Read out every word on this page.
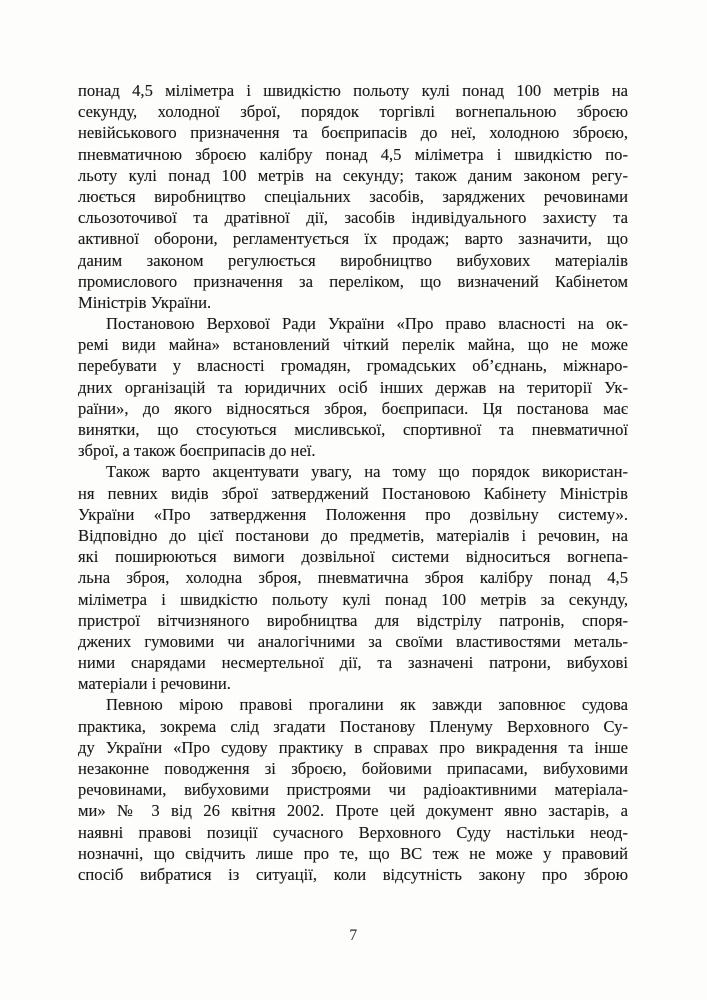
понад 4,5 міліметра і швидкістю польоту кулі понад 100 метрів на
секунду, холодної зброї, порядок торгівлі вогнепальною зброєю
невійськового призначення та боєприпасів до неї, холодною зброєю,
пневматичною зброєю калібру понад 4,5 міліметра і швидкістю по-
льоту кулі понад 100 метрів на секунду; також даним законом регу-
люється виробництво спеціальних засобів, заряджених речовинами
сльозоточивої та дратівної дії, засобів індивідуального захисту та
активної оборони, регламентується їх продаж; варто зазначити, що
даним законом регулюється виробництво вибухових матеріалів
промислового призначення за переліком, що визначений Кабінетом
Міністрів України.

Постановою Верхової Ради України «Про право власності на ок-
ремі види майна» встановлений чіткий перелік майна, що не може
перебувати у власності громадян, громадських об’єднань, міжнаро-
дних організацій та юридичних осіб інших держав на території Ук-
раїни», до якого відносяться зброя, боєприпаси. Ця постанова має
винятки, що стосуються мисливської, спортивної та пневматичної
зброї, а також боєприпасів до неї.

Також варто акцентувати увагу, на тому що порядок використан-
ня певних видів зброї затверджений Постановою Кабінету Міністрів
України «Про затвердження Положення про дозвільну систему».
Відповідно до цієї постанови до предметів, матеріалів і речовин, на
які поширюються вимоги дозвільної системи відноситься вогнепа-
льна зброя, холодна зброя, пневматична зброя калібру понад 4,5
міліметра і швидкістю польоту кулі понад 100 метрів за секунду,
пристрої вітчизняного виробництва для відстрілу патронів, споря-
джених гумовими чи аналогічними за своїми властивостями металь-
ними снарядами несмертельної дії, та зазначені патрони, вибухові
матеріали і речовини.

Певною мірою правові прогалини як завжди заповнює судова
практика, зокрема слід згадати Постанову Пленуму Верховного Су-
ду України «Про судову практику в справах про викрадення та інше
незаконне поводження зі зброєю, бойовими припасами, вибуховими
речовинами, вибуховими пристроями чи радіоактивними матеріала-
ми» № 3 від 26 квітня 2002. Проте цей документ явно застарів, а
наявні правові позиції сучасного Верховного Суду настільки неод-
нозначні, що свідчить лише про те, що ВС теж не може у правовий
спосіб вибратися із ситуації, коли відсутність закону про зброю

7
